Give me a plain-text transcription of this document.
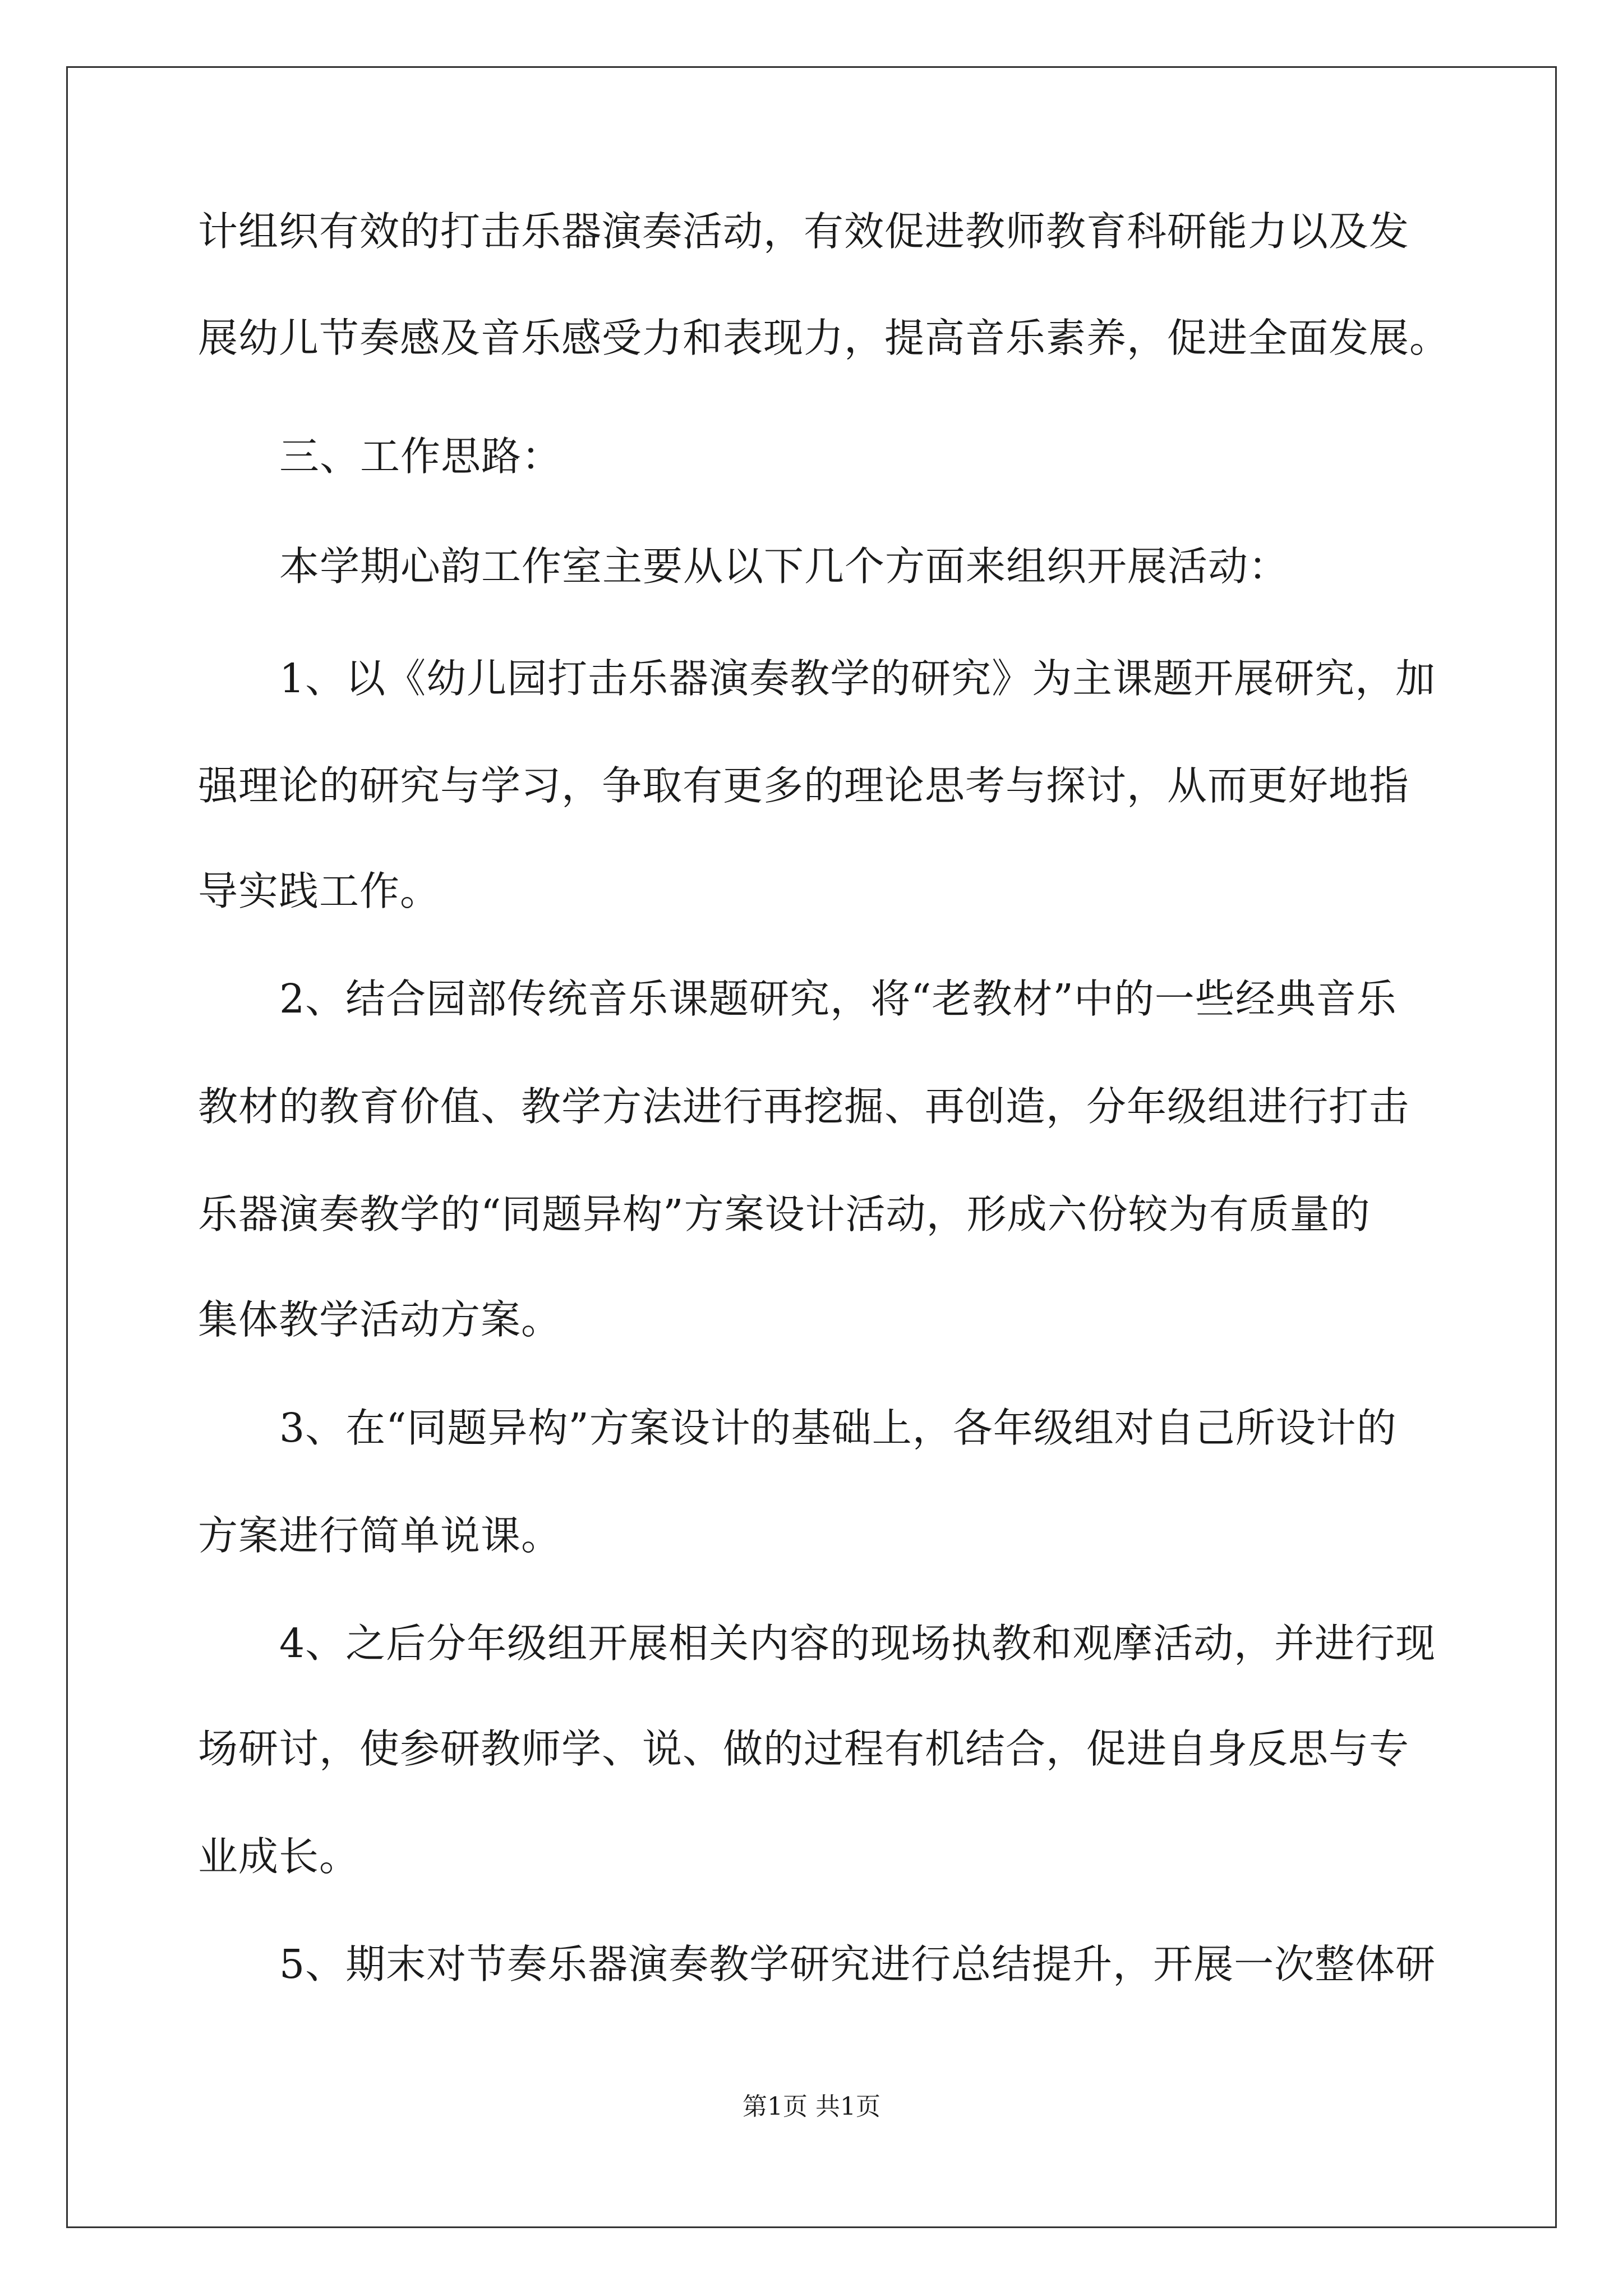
计组织有效的打击乐器演奏活动，有效促进教师教育科研能力以及发
展幼儿节奏感及音乐感受力和表现力，提高音乐素养，促进全面发展。
三、工作思路：
本学期心韵工作室主要从以下几个方面来组织开展活动：
1、以《幼儿园打击乐器演奏教学的研究》为主课题开展研究，加
强理论的研究与学习，争取有更多的理论思考与探讨，从而更好地指
导实践工作。
2、结合园部传统音乐课题研究，将“老教材”中的一些经典音乐
教材的教育价值、教学方法进行再挖掘、再创造，分年级组进行打击
乐器演奏教学的“同题异构”方案设计活动，形成六份较为有质量的
集体教学活动方案。
3、在“同题异构”方案设计的基础上，各年级组对自己所设计的
方案进行简单说课。
4、之后分年级组开展相关内容的现场执教和观摩活动，并进行现
场研讨，使参研教师学、说、做的过程有机结合，促进自身反思与专
业成长。
5、期末对节奏乐器演奏教学研究进行总结提升，开展一次整体研
第1页 共1页
